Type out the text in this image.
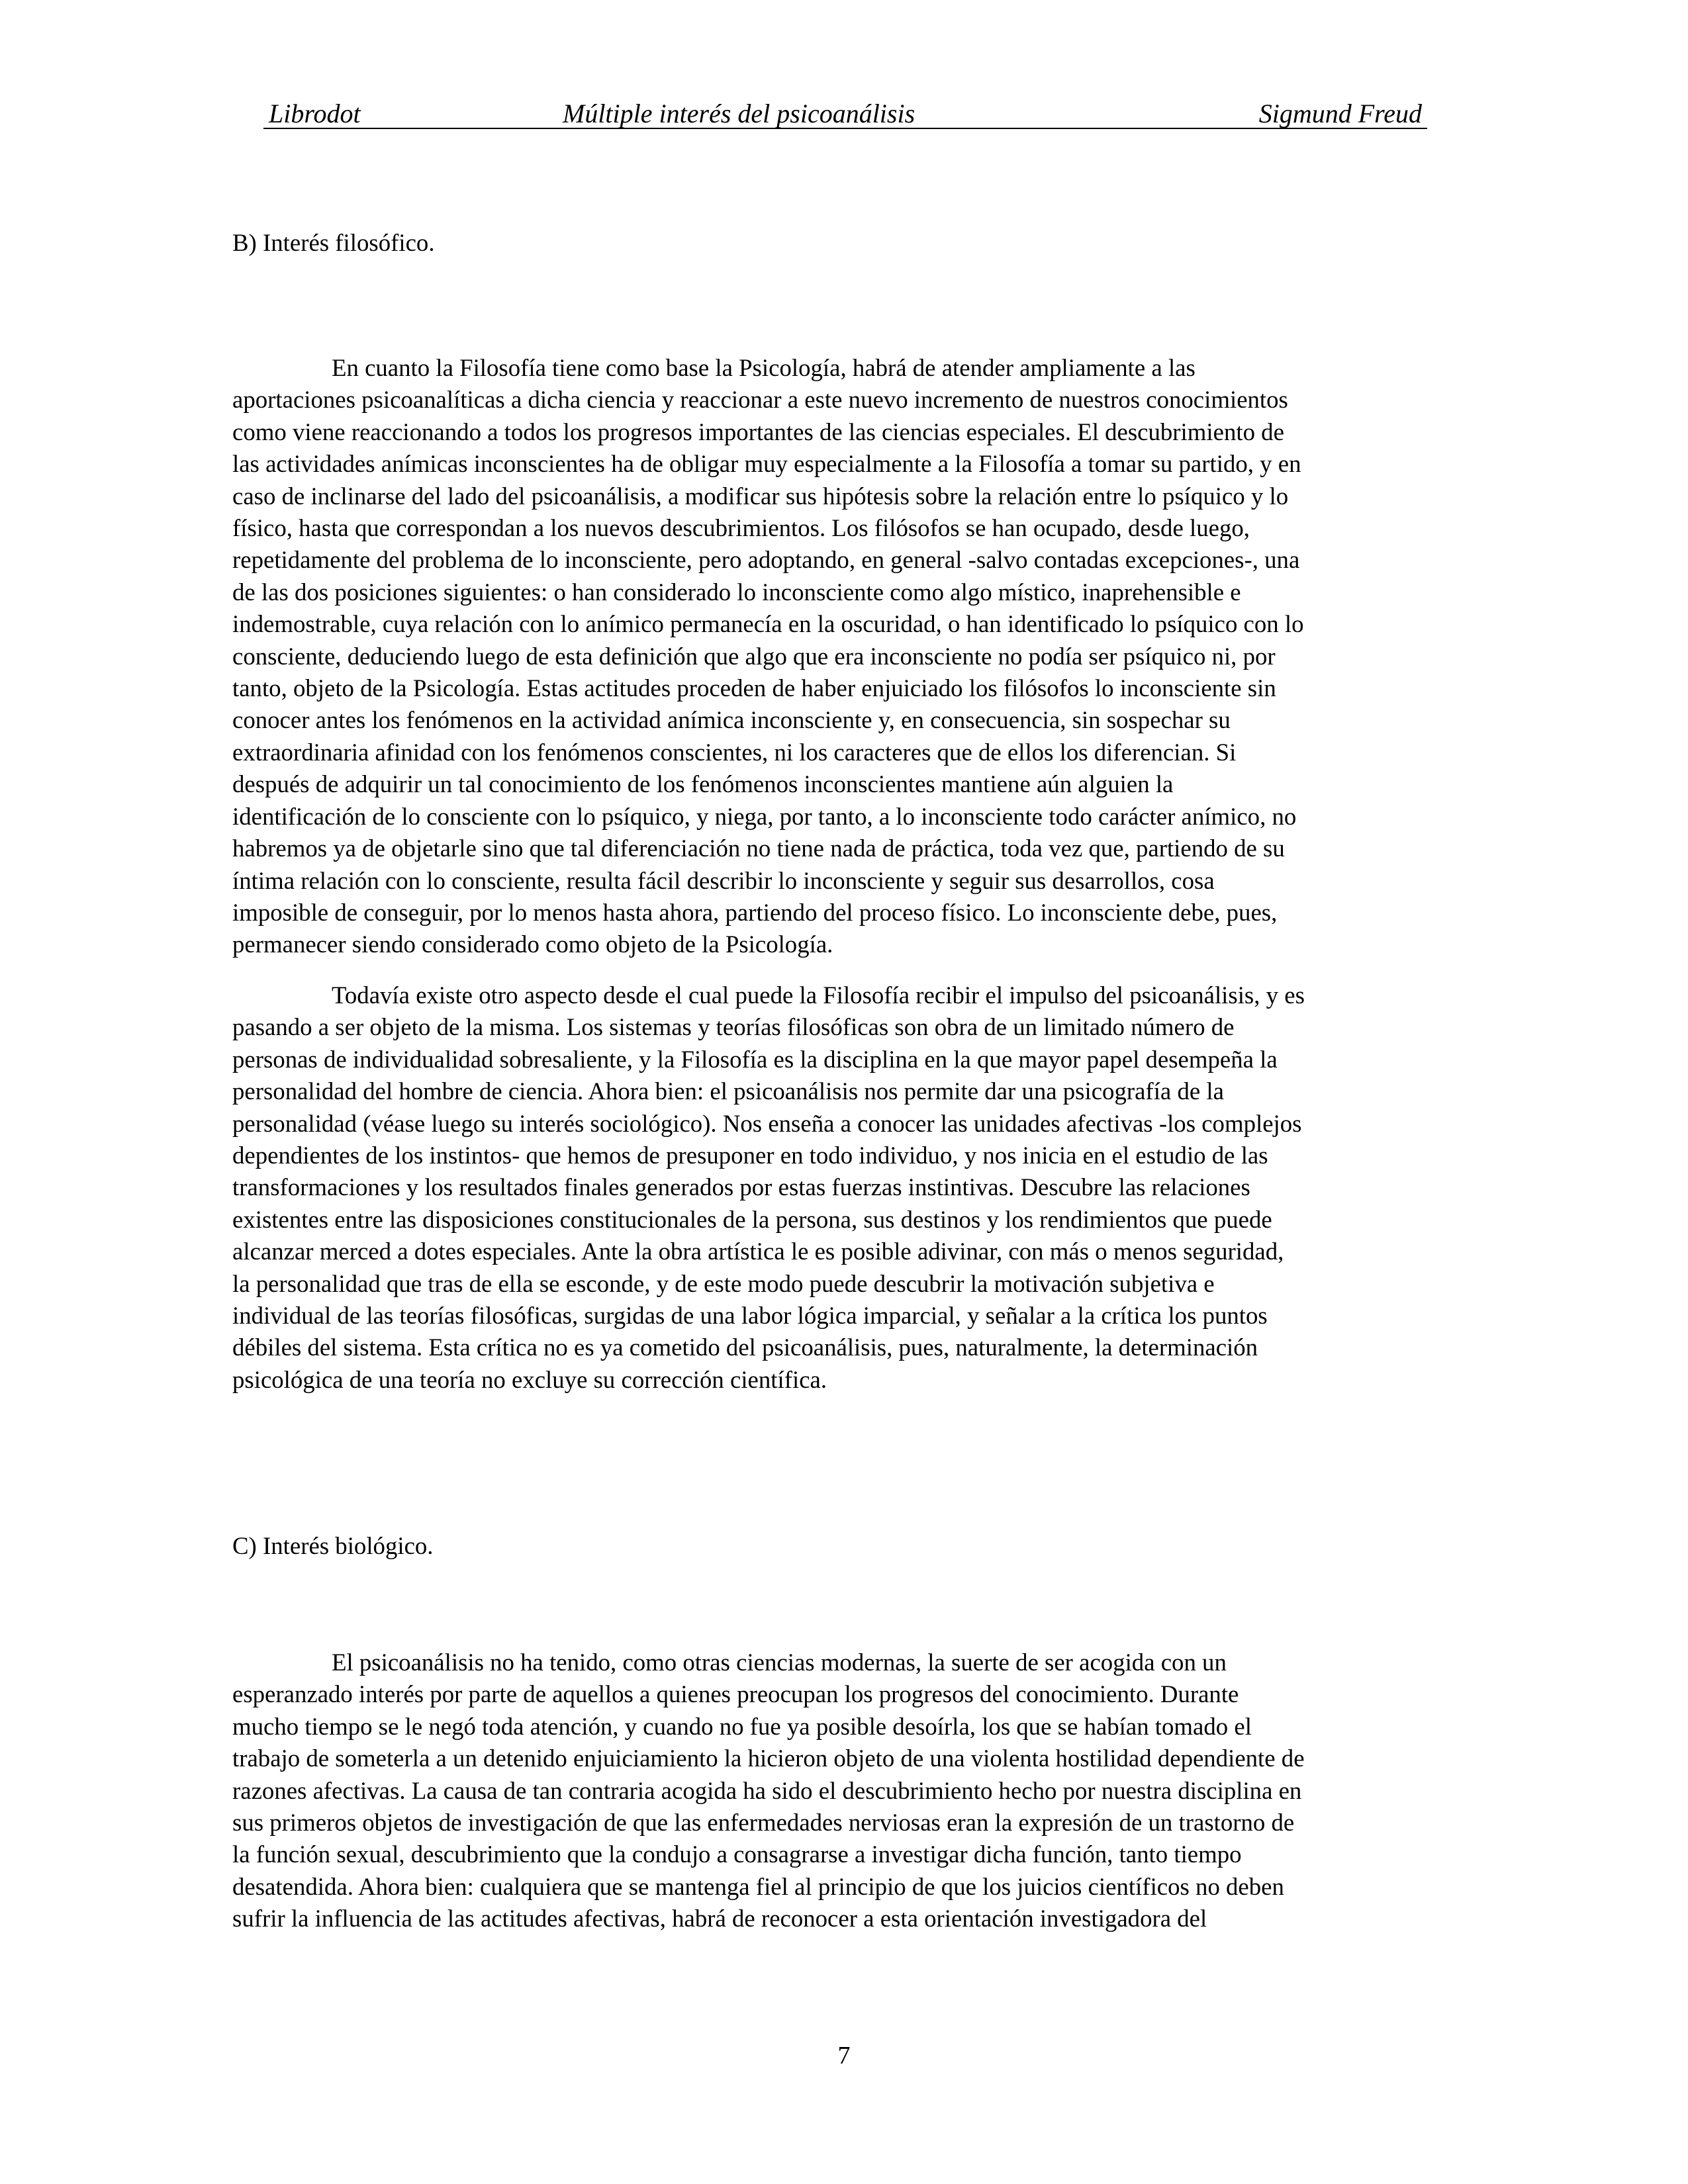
Librodot	Múltiple interés del psicoanálisis	Sigmund Freud
B) Interés filosófico.

En cuanto la Filosofía tiene como base la Psicología, habrá de atender ampliamente a las
aportaciones psicoanalíticas a dicha ciencia y reaccionar a este nuevo incremento de nuestros conocimientos
como viene reaccionando a todos los progresos importantes de las ciencias especiales. El descubrimiento de
las actividades anímicas inconscientes ha de obligar muy especialmente a la Filosofía a tomar su partido, y en
caso de inclinarse del lado del psicoanálisis, a modificar sus hipótesis sobre la relación entre lo psíquico y lo
físico, hasta que correspondan a los nuevos descubrimientos. Los filósofos se han ocupado, desde luego,
repetidamente del problema de lo inconsciente, pero adoptando, en general -salvo contadas excepciones-, una
de las dos posiciones siguientes: o han considerado lo inconsciente como algo místico, inaprehensible e
indemostrable, cuya relación con lo anímico permanecía en la oscuridad, o han identificado lo psíquico con lo
consciente, deduciendo luego de esta definición que algo que era inconsciente no podía ser psíquico ni, por
tanto, objeto de la Psicología. Estas actitudes proceden de haber enjuiciado los filósofos lo inconsciente sin
conocer antes los fenómenos en la actividad anímica inconsciente y, en consecuencia, sin sospechar su
extraordinaria afinidad con los fenómenos conscientes, ni los caracteres que de ellos los diferencian. Si
después de adquirir un tal conocimiento de los fenómenos inconscientes mantiene aún alguien la
identificación de lo consciente con lo psíquico, y niega, por tanto, a lo inconsciente todo carácter anímico, no
habremos ya de objetarle sino que tal diferenciación no tiene nada de práctica, toda vez que, partiendo de su
íntima relación con lo consciente, resulta fácil describir lo inconsciente y seguir sus desarrollos, cosa
imposible de conseguir, por lo menos hasta ahora, partiendo del proceso físico. Lo inconsciente debe, pues,
permanecer siendo considerado como objeto de la Psicología.

Todavía existe otro aspecto desde el cual puede la Filosofía recibir el impulso del psicoanálisis, y es
pasando a ser objeto de la misma. Los sistemas y teorías filosóficas son obra de un limitado número de
personas de individualidad sobresaliente, y la Filosofía es la disciplina en la que mayor papel desempeña la
personalidad del hombre de ciencia. Ahora bien: el psicoanálisis nos permite dar una psicografía de la
personalidad (véase luego su interés sociológico). Nos enseña a conocer las unidades afectivas -los complejos
dependientes de los instintos- que hemos de presuponer en todo individuo, y nos inicia en el estudio de las
transformaciones y los resultados finales generados por estas fuerzas instintivas. Descubre las relaciones
existentes entre las disposiciones constitucionales de la persona, sus destinos y los rendimientos que puede
alcanzar merced a dotes especiales. Ante la obra artística le es posible adivinar, con más o menos seguridad,
la personalidad que tras de ella se esconde, y de este modo puede descubrir la motivación subjetiva e
individual de las teorías filosóficas, surgidas de una labor lógica imparcial, y señalar a la crítica los puntos
débiles del sistema. Esta crítica no es ya cometido del psicoanálisis, pues, naturalmente, la determinación
psicológica de una teoría no excluye su corrección científica.

C) Interés biológico.

El psicoanálisis no ha tenido, como otras ciencias modernas, la suerte de ser acogida con un
esperanzado interés por parte de aquellos a quienes preocupan los progresos del conocimiento. Durante
mucho tiempo se le negó toda atención, y cuando no fue ya posible desoírla, los que se habían tomado el
trabajo de someterla a un detenido enjuiciamiento la hicieron objeto de una violenta hostilidad dependiente de
razones afectivas. La causa de tan contraria acogida ha sido el descubrimiento hecho por nuestra disciplina en
sus primeros objetos de investigación de que las enfermedades nerviosas eran la expresión de un trastorno de
la función sexual, descubrimiento que la condujo a consagrarse a investigar dicha función, tanto tiempo
desatendida. Ahora bien: cualquiera que se mantenga fiel al principio de que los juicios científicos no deben
sufrir la influencia de las actitudes afectivas, habrá de reconocer a esta orientación investigadora del

7
